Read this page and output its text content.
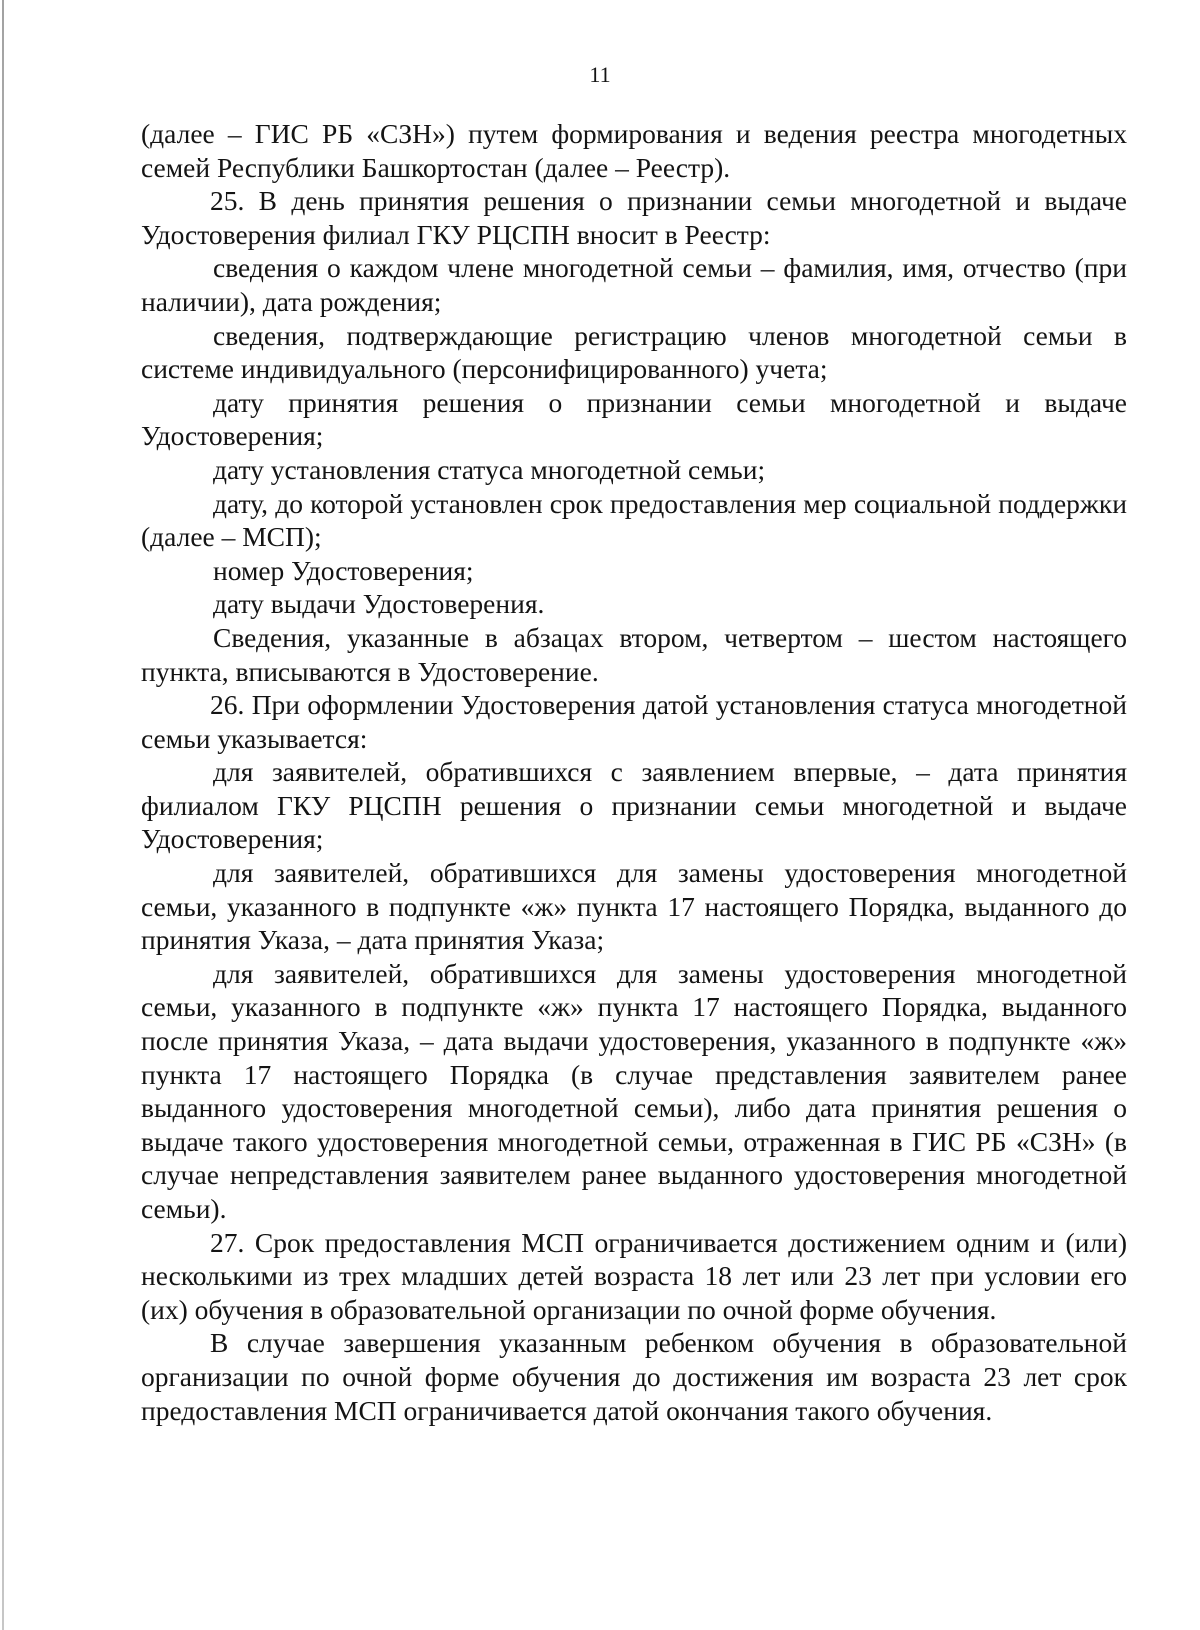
11

(далее – ГИС РБ «СЗН») путем формирования и ведения реестра многодетных семей Республики Башкортостан (далее – Реестр).

25. В день принятия решения о признании семьи многодетной и выдаче Удостоверения филиал ГКУ РЦСПН вносит в Реестр:

сведения о каждом члене многодетной семьи – фамилия, имя, отчество (при наличии), дата рождения;

сведения, подтверждающие регистрацию членов многодетной семьи в системе индивидуального (персонифицированного) учета;

дату принятия решения о признании семьи многодетной и выдаче Удостоверения;

дату установления статуса многодетной семьи;

дату, до которой установлен срок предоставления мер социальной поддержки (далее – МСП);

номер Удостоверения;

дату выдачи Удостоверения.

Сведения, указанные в абзацах втором, четвертом – шестом настоящего пункта, вписываются в Удостоверение.

26. При оформлении Удостоверения датой установления статуса многодетной семьи указывается:

для заявителей, обратившихся с заявлением впервые, – дата принятия филиалом ГКУ РЦСПН решения о признании семьи многодетной и выдаче Удостоверения;

для заявителей, обратившихся для замены удостоверения многодетной семьи, указанного в подпункте «ж» пункта 17 настоящего Порядка, выданного до принятия Указа, – дата принятия Указа;

для заявителей, обратившихся для замены удостоверения многодетной семьи, указанного в подпункте «ж» пункта 17 настоящего Порядка, выданного после принятия Указа, – дата выдачи удостоверения, указанного в подпункте «ж» пункта 17 настоящего Порядка (в случае представления заявителем ранее выданного удостоверения многодетной семьи), либо дата принятия решения о выдаче такого удостоверения многодетной семьи, отраженная в ГИС РБ «СЗН» (в случае непредставления заявителем ранее выданного удостоверения многодетной семьи).

27. Срок предоставления МСП ограничивается достижением одним и (или) несколькими из трех младших детей возраста 18 лет или 23 лет при условии его (их) обучения в образовательной организации по очной форме обучения.

В случае завершения указанным ребенком обучения в образовательной организации по очной форме обучения до достижения им возраста 23 лет срок предоставления МСП ограничивается датой окончания такого обучения.
